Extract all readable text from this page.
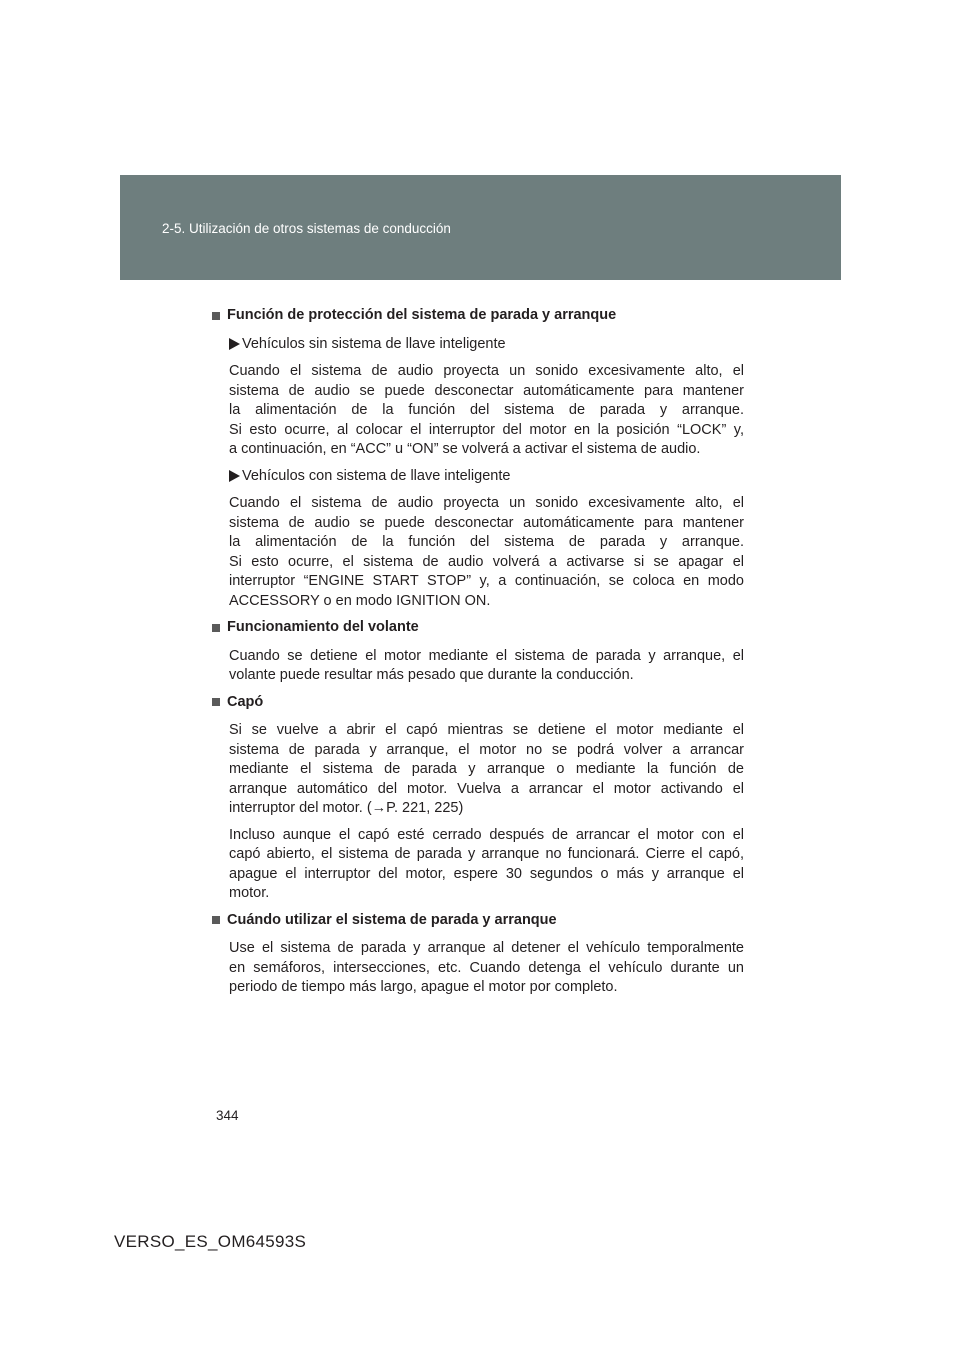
2-5. Utilización de otros sistemas de conducción
Función de protección del sistema de parada y arranque
Vehículos sin sistema de llave inteligente
Cuando el sistema de audio proyecta un sonido excesivamente alto, el
sistema de audio se puede desconectar automáticamente para mantener
la alimentación de la función del sistema de parada y arranque.
Si esto ocurre, al colocar el interruptor del motor en la posición “LOCK” y,
a continuación, en “ACC” u “ON” se volverá a activar el sistema de audio.
Vehículos con sistema de llave inteligente
Cuando el sistema de audio proyecta un sonido excesivamente alto, el
sistema de audio se puede desconectar automáticamente para mantener
la alimentación de la función del sistema de parada y arranque.
Si esto ocurre, el sistema de audio volverá a activarse si se apagar el
interruptor “ENGINE START STOP” y, a continuación, se coloca en modo
ACCESSORY o en modo IGNITION ON.
Funcionamiento del volante
Cuando se detiene el motor mediante el sistema de parada y arranque, el
volante puede resultar más pesado que durante la conducción.
Capó
Si se vuelve a abrir el capó mientras se detiene el motor mediante el
sistema de parada y arranque, el motor no se podrá volver a arrancar
mediante el sistema de parada y arranque o mediante la función de
arranque automático del motor. Vuelva a arrancar el motor activando el
interruptor del motor. (→P. 221, 225)
Incluso aunque el capó esté cerrado después de arrancar el motor con el
capó abierto, el sistema de parada y arranque no funcionará. Cierre el capó,
apague el interruptor del motor, espere 30 segundos o más y arranque el
motor.
Cuándo utilizar el sistema de parada y arranque
Use el sistema de parada y arranque al detener el vehículo temporalmente
en semáforos, intersecciones, etc. Cuando detenga el vehículo durante un
periodo de tiempo más largo, apague el motor por completo.
344
VERSO_ES_OM64593S
